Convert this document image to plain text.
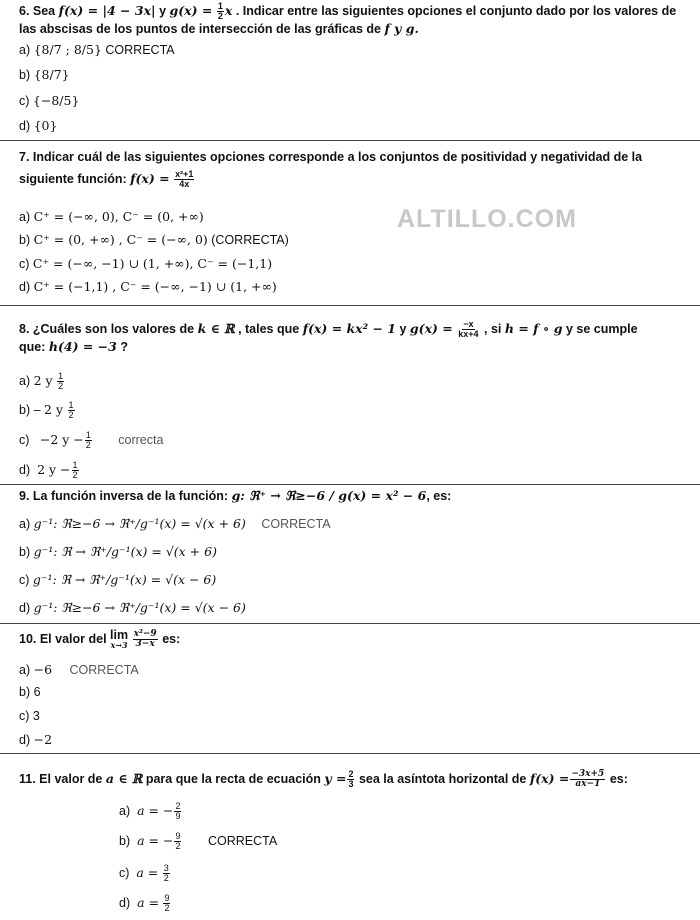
ALTILLO.COM
6. Sea f(x) = |4 − 3x| y $g(x) = \frac{1}{2}$ x . Indicar entre las siguientes opciones el conjunto dado por los valores de
las abscisas de los puntos de intersección de las gráficas de f y g.
a) {8/7 ; 8/5} CORRECTA
b) {8/7}
c) {−8/5}
d) {0}
7. Indicar cuál de las siguientes opciones corresponde a los conjuntos de positividad y negatividad de la
siguiente función: $f(x) = \frac{\text{x²+1}}{4x}$
a) C⁺ = (−∞, 0), C⁻ = (0, +∞)
b) C⁺ = (0, +∞) , C⁻ = (−∞, 0) (CORRECTA)
c) C⁺ = (−∞, −1) ∪ (1, +∞), C⁻ = (−1,1)
d) C⁺ = (−1,1) , C⁻ = (−∞, −1) ∪ (1, +∞)
8. ¿Cuáles son los valores de k ∈ ℝ , tales que f(x) = kx² − 1 y $g(x) = \frac{-x}{kx+4}$ , si h = f ∘ g y se cumple
que: h(4) = −3 ?
a) 2 y $\frac{1}{2}$
b) – 2 y $\frac{1}{2}$
c) −2 $y - \frac{1}{2}$ correcta
d) 2 $y - \frac{1}{2}$
9. La función inversa de la función: g: ℜ⁺ → ℜ≥−6 / g(x) = x² − 6, es:
a) g⁻¹: ℜ≥−6 → ℜ⁺/g⁻¹(x) = √(x + 6) CORRECTA
b) g⁻¹: ℜ → ℜ⁺/g⁻¹(x) = √(x + 6)
c) g⁻¹: ℜ → ℜ⁺/g⁻¹(x) = √(x − 6)
d) g⁻¹: ℜ≥−6 → ℜ⁺/g⁻¹(x) = √(x − 6)
10. El valor del lim
x→3
$\frac{\text{x²−9}}{3-x}$ es:
a) −6 CORRECTA
b) 6
c) 3
d) −2
11. El valor de a ∈ ℝ para que la recta de ecuación $y = \frac{2}{3}$ sea la asíntota horizontal de $f(x) = \frac{-3x+5}{ax-1}$ es:
a) a = − $\frac{2}{9}$
b) a = − $\frac{9}{2}$ CORRECTA
c) $a = \frac{3}{2}$
d) $a = \frac{9}{2}$
